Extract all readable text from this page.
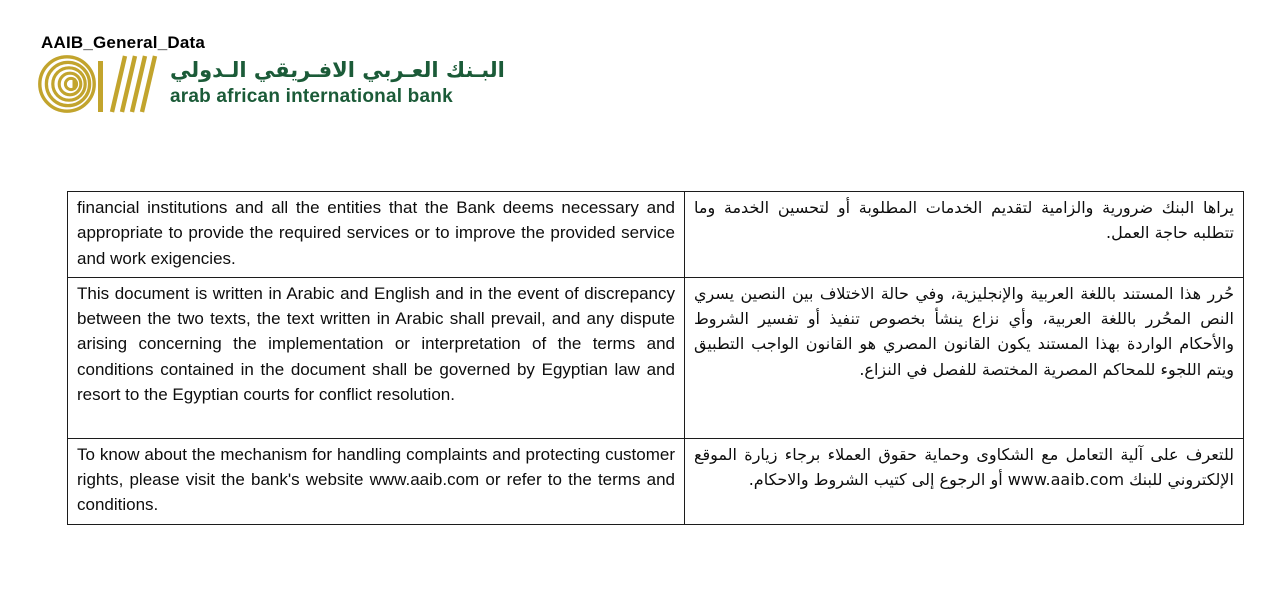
AAIB_General_Data
البـنك العـربي الافـريقي الـدولي
arab african international bank
financial institutions and all the entities that the Bank deems necessary and appropriate to provide the required services or to improve the provided service and work exigencies.	يراها البنك ضرورية والزامية لتقديم الخدمات المطلوبة أو لتحسين الخدمة وما تتطلبه حاجة العمل.
This document is written in Arabic and English and in the event of discrepancy between the two texts, the text written in Arabic shall prevail, and any dispute arising concerning the implementation or interpretation of the terms and conditions contained in the document shall be governed by Egyptian law and resort to the Egyptian courts for conflict resolution.	حُرر هذا المستند باللغة العربية والإنجليزية، وفي حالة الاختلاف بين النصين يسري النص المحُرر باللغة العربية، وأي نزاع ينشأ بخصوص تنفيذ أو تفسير الشروط والأحكام الواردة بهذا المستند يكون القانون المصري هو القانون الواجب التطبيق ويتم اللجوء للمحاكم المصرية المختصة للفصل في النزاع.
To know about the mechanism for handling complaints and protecting customer rights, please visit the bank's website www.aaib.com or refer to the terms and conditions.	للتعرف على آلية التعامل مع الشكاوى وحماية حقوق العملاء برجاء زيارة الموقع الإلكتروني للبنك www.aaib.com أو الرجوع إلى كتيب الشروط والاحكام.
